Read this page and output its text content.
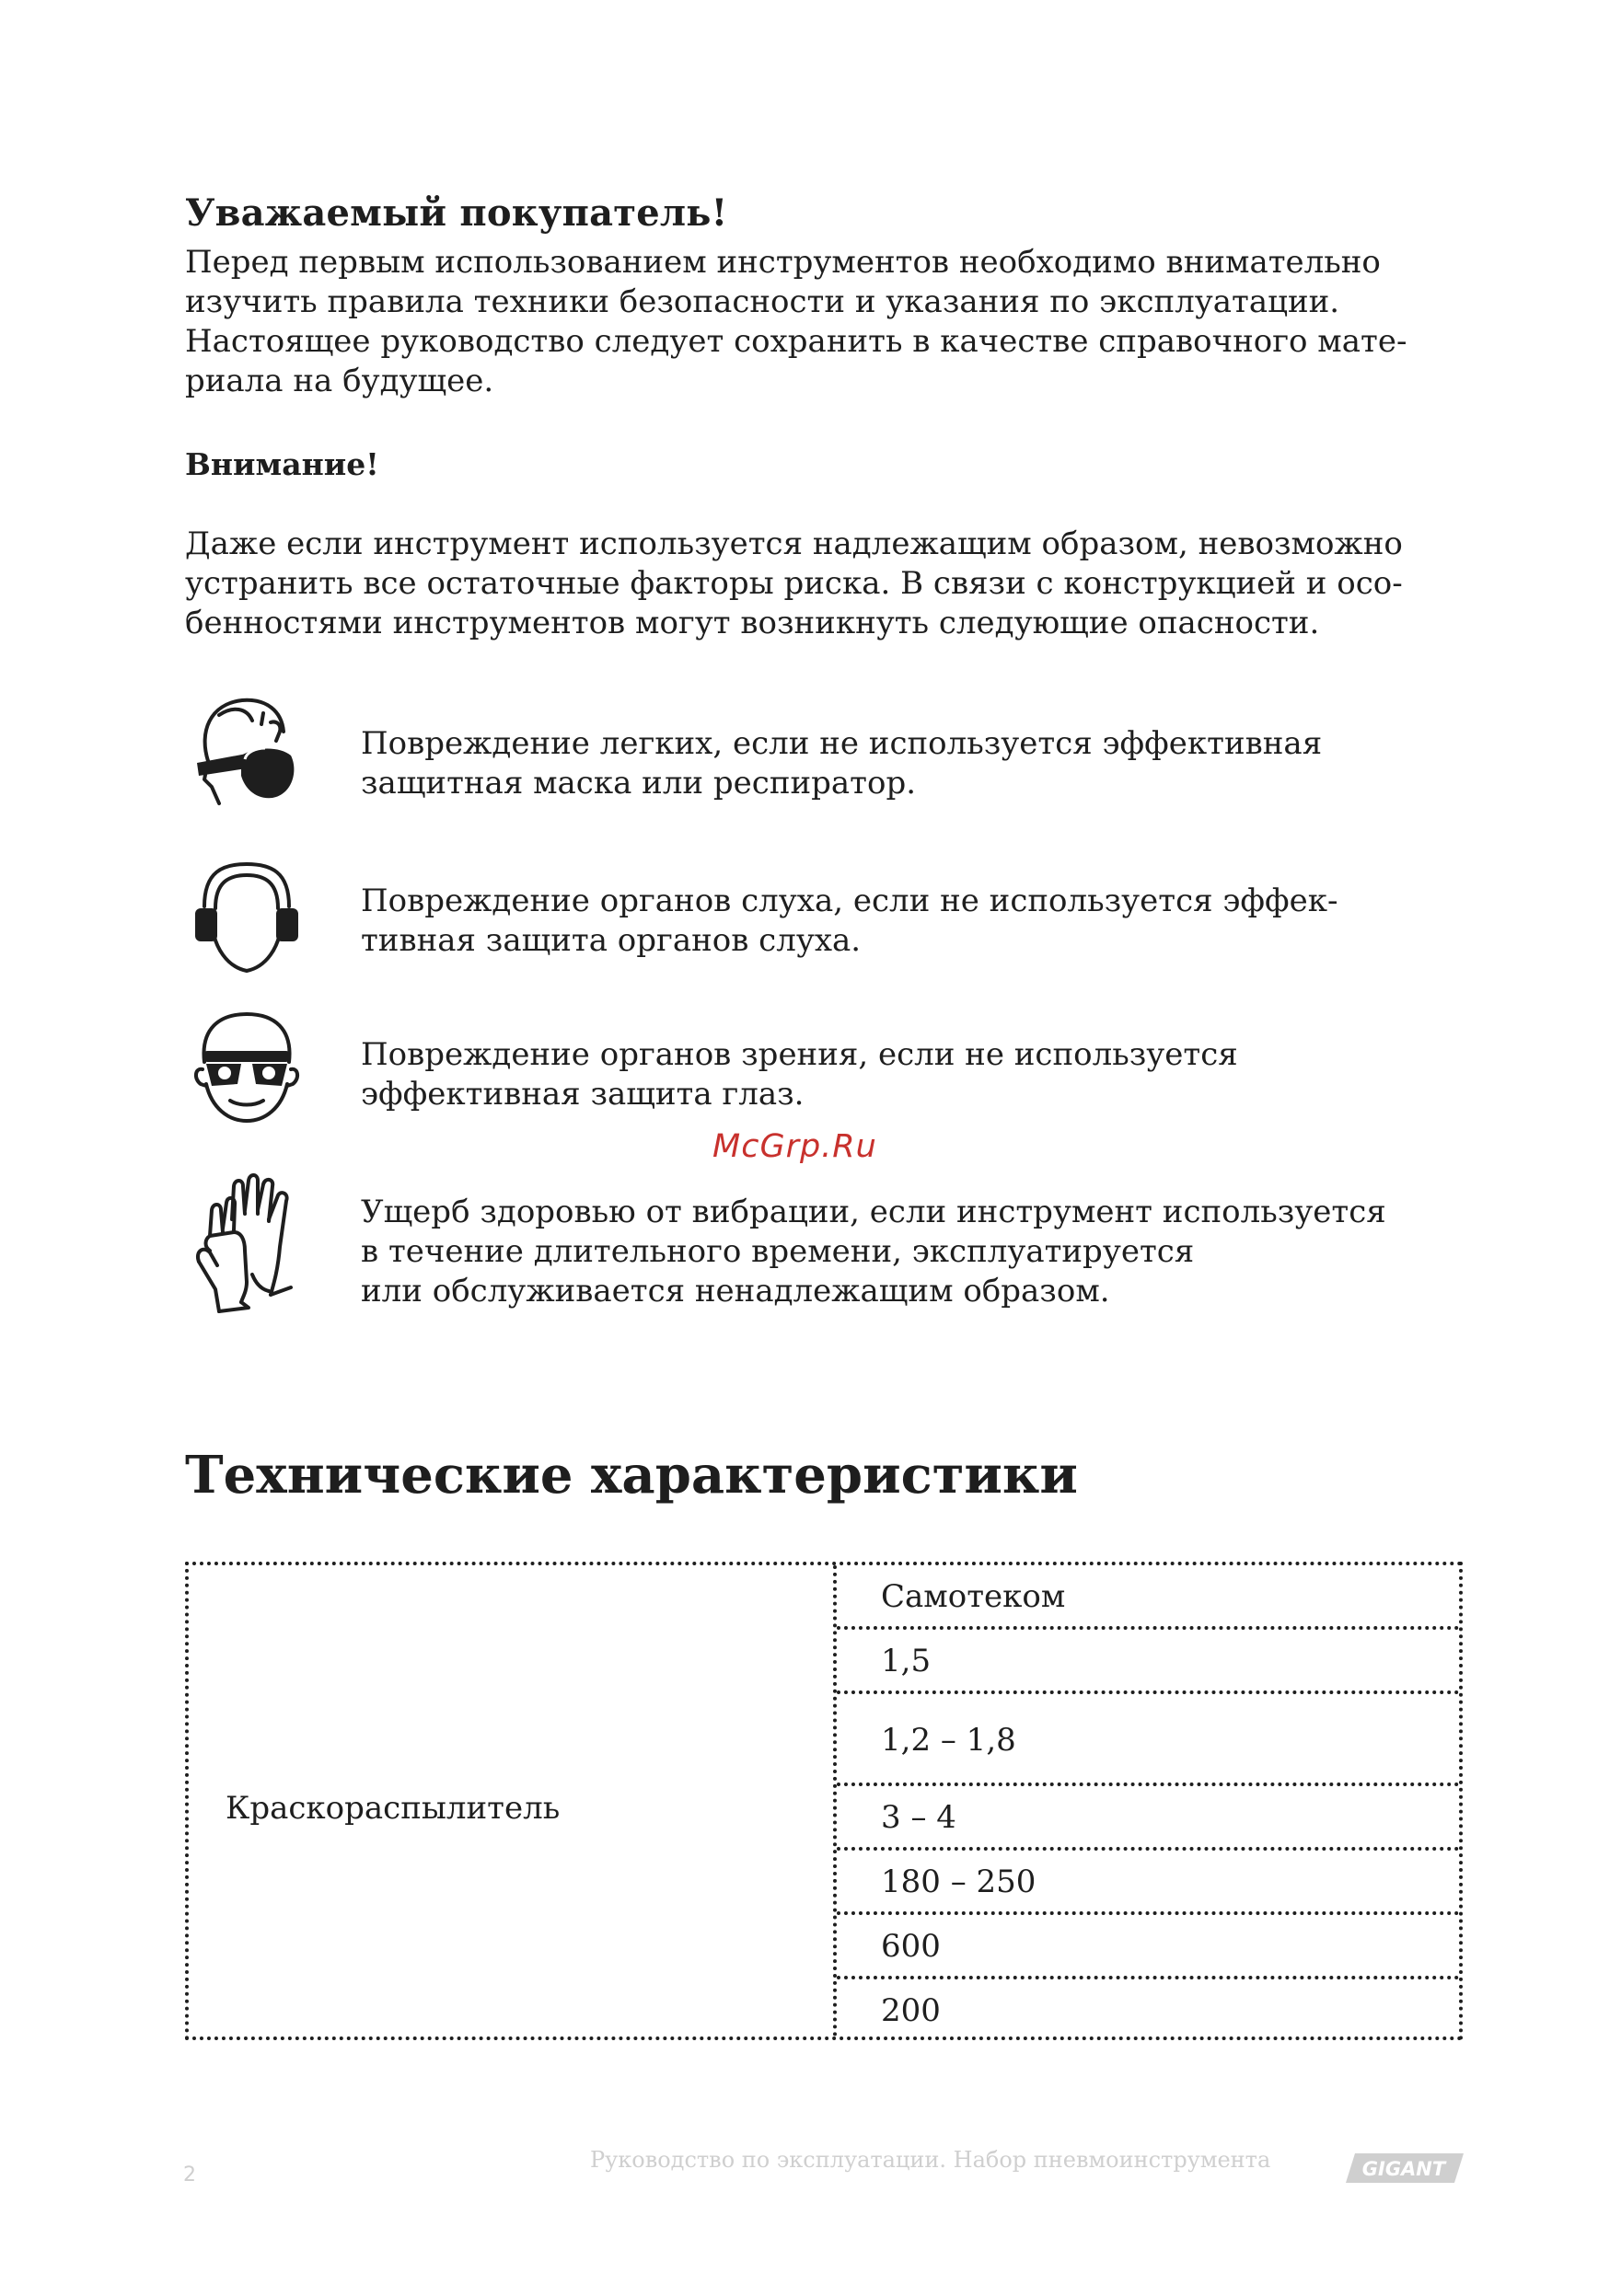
Уважаемый покупатель!
Перед первым использованием инструментов необходимо внимательно
изучить правила техники безопасности и указания по эксплуатации.
Настоящее руководство следует сохранить в качестве справочного мате-
риала на будущее.
Внимание!
Даже если инструмент используется надлежащим образом, невозможно
устранить все остаточные факторы риска. В связи с конструкцией и осо-
бенностями инструментов могут возникнуть следующие опасности.
Повреждение легких, если не используется эффективная
защитная маска или респиратор.
Повреждение органов слуха, если не используется эффек-
тивная защита органов слуха.
Повреждение органов зрения, если не используется
эффективная защита глаз.
McGrp.Ru
Ущерб здоровью от вибрации, если инструмент используется
в течение длительного времени, эксплуатируется
или обслуживается ненадлежащим образом.
Технические характеристики
Краскораспылитель
Самотеком
1,5
1,2 – 1,8
3 – 4
180 – 250
600
200
2
Руководство по эксплуатации. Набор пневмоинструмента	GIGANT
